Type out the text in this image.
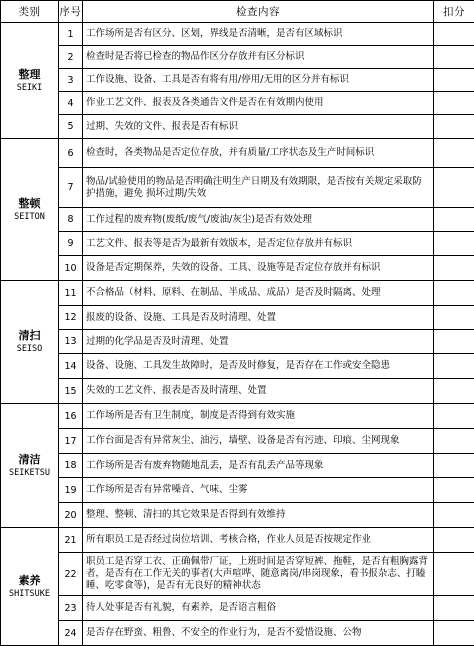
类别	序号	检查内容	扣分

整理
SEIKI	1	工作场所是否有区分、区划，界线是否清晰，是否有区域标识	
	2	检查时是否将已检查的物品作区分存放并有区分标识	
	3	工作设施、设备、工具是否有将有用/停用/无用的区分并有标识	
	4	作业工艺文件、报表及各类通告文件是否在有效期内使用	
	5	过期、失效的文件、报表是否有标识	

整顿
SEITON	6	检查时，各类物品是否定位存放，并有质量/工序状态及生产时间标识	
	7	物品/试验使用的物品是否明确注明生产日期及有效期限，是否按有关规定采取防护措施，避免 损坏过期/失效	
	8	工作过程的废弃物(废纸/废气/废油/灰尘)是否有效处理	
	9	工艺文件、报表等是否为最新有效版本，是否定位存放并有标识	
	10	设备是否定期保养，失效的设备、工具、设施等是否定位存放并有标识	

清扫
SEISO	11	不合格品（材料、原料、在制品、半成品、成品）是否及时隔离、处理	
	12	报废的设备、设施、工具是否及时清理、处置	
	13	过期的化学品是否及时清理、处置	
	14	设备、设施、工具发生故障时，是否及时修复，是否存在工作或安全隐患	
	15	失效的工艺文件、报表是否及时清理、处置	

清洁
SEIKETSU	16	工作场所是否有卫生制度，制度是否得到有效实施	
	17	工作台面是否有异常灰尘、油污，墙壁、设备是否有污迹、印痕、尘网现象	
	18	工作场所是否有废弃物随地乱丢，是否有乱丢产品等现象	
	19	工作场所是否有异常噪音、气味、尘雾	
	20	整理、整顿、清扫的其它效果是否得到有效维持	

素养
SHITSUKE	21	所有职员工是否经过岗位培训、考核合格，作业人员是否按规定作业	
	22	职员工是否穿工衣、正确佩带厂证，上班时间是否穿短裤、拖鞋，是否有粗胸露背者，是否有在工作无关的事者(大声喧哗、随意离岗/串岗现象，看书报杂志、打瞌睡、吃零食等)，是否有无良好的精神状态	
	23	待人处事是否有礼貌，有素养，是否语言粗俗	
	24	是否存在野蛮、粗鲁、不安全的作业行为，是否不爱惜设施、公物	
